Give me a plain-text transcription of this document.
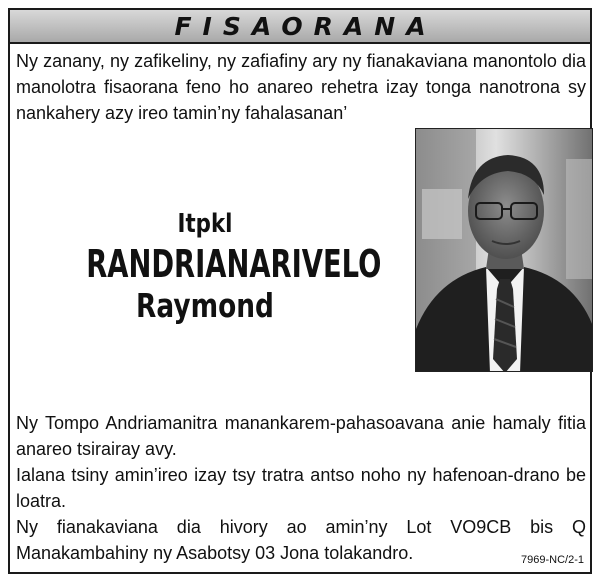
FISAORANA

Ny zanany, ny zafikeliny, ny zafiafiny ary ny fianakaviana manontolo dia manolotra fisaorana feno ho anareo rehetra izay tonga nanotrona sy nankahery azy ireo tamin’ny fahalasanan’

Itpkl
RANDRIANARIVELO
Raymond

Ny Tompo Andriamanitra manankarem-pahasoavana anie hamaly fitia anareo tsirairay avy.
Ialana tsiny amin’ireo izay tsy tratra antso noho ny hafenoan-drano be loatra.
Ny fianakaviana dia hivory ao amin’ny Lot VO9CB bis Q Manakambahiny ny Asabotsy 03 Jona tolakandro.	7969-NC/2-1
